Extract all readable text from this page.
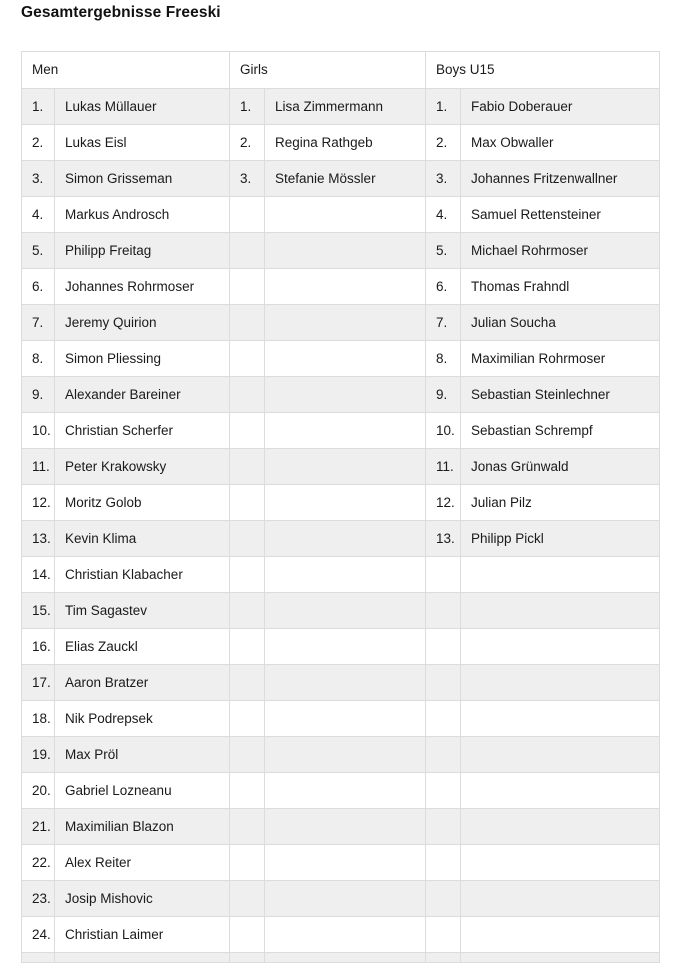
Gesamtergebnisse Freeski
Men		Girls		Boys U15	
1.	Lukas Müllauer	1.	Lisa Zimmermann	1.	Fabio Doberauer
2.	Lukas Eisl	2.	Regina Rathgeb	2.	Max Obwaller
3.	Simon Grisseman	3.	Stefanie Mössler	3.	Johannes Fritzenwallner
4.	Markus Androsch			4.	Samuel Rettensteiner
5.	Philipp Freitag			5.	Michael Rohrmoser
6.	Johannes Rohrmoser			6.	Thomas Frahndl
7.	Jeremy Quirion			7.	Julian Soucha
8.	Simon Pliessing			8.	Maximilian Rohrmoser
9.	Alexander Bareiner			9.	Sebastian Steinlechner
10.	Christian Scherfer			10.	Sebastian Schrempf
11.	Peter Krakowsky			11.	Jonas Grünwald
12.	Moritz Golob			12.	Julian Pilz
13.	Kevin Klima			13.	Philipp Pickl
14.	Christian Klabacher				
15.	Tim Sagastev				
16.	Elias Zauckl				
17.	Aaron Bratzer				
18.	Nik Podrepsek				
19.	Max Pröl				
20.	Gabriel Lozneanu				
21.	Maximilian Blazon				
22.	Alex Reiter				
23.	Josip Mishovic				
24.	Christian Laimer				
